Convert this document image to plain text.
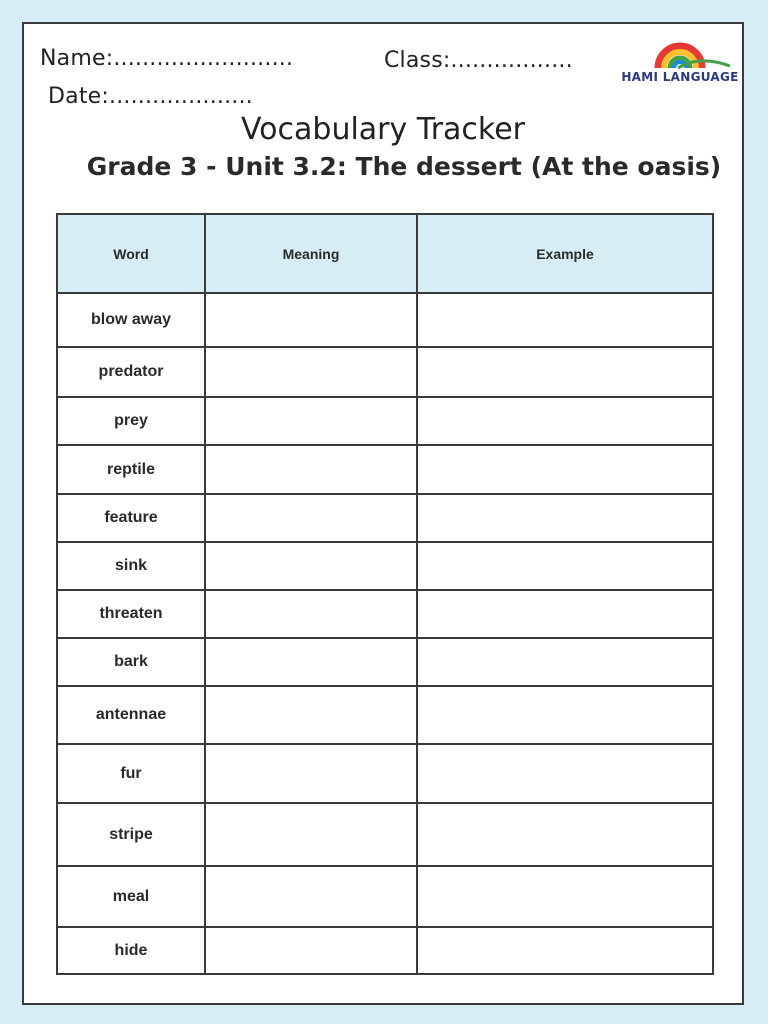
Name:.........................	Class:.................
Date:....................
HAMI LANGUAGE
Vocabulary Tracker
Grade 3 - Unit 3.2: The dessert (At the oasis)
Word	Meaning	Example
blow away		
predator		
prey		
reptile		
feature		
sink		
threaten		
bark		
antennae		
fur		
stripe		
meal		
hide		
